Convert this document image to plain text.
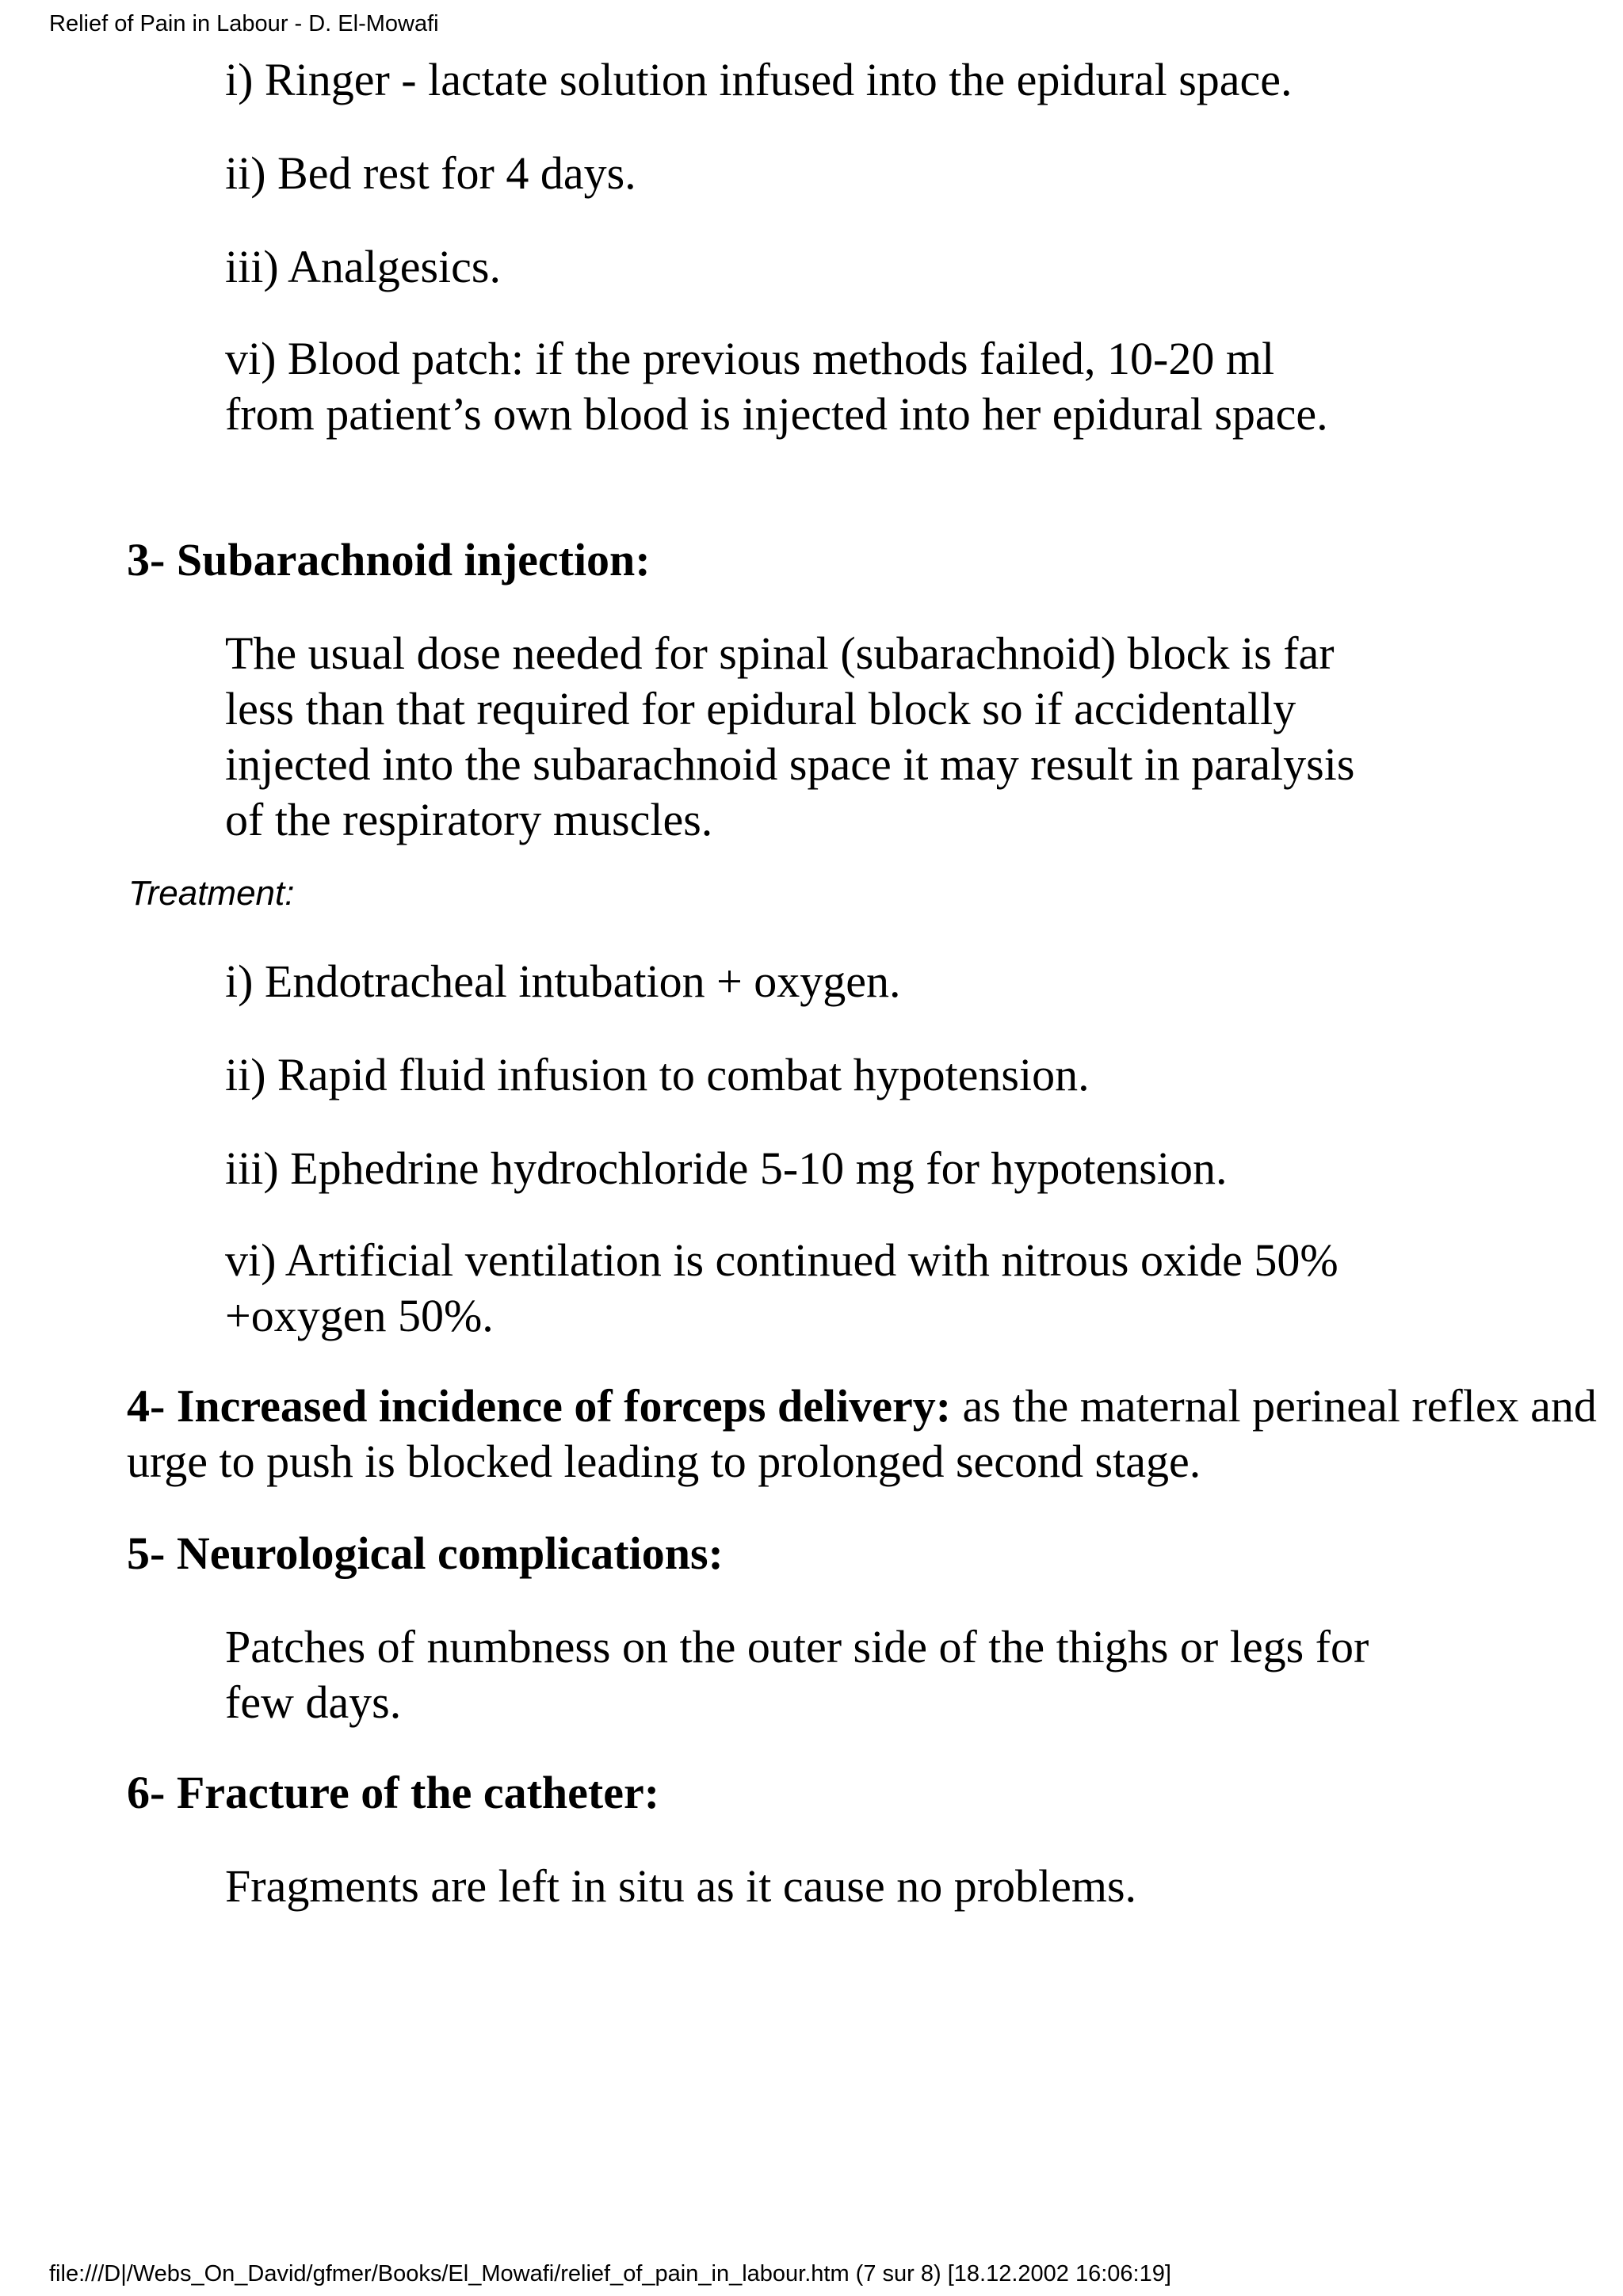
Relief of Pain in Labour - D. El-Mowafi

i) Ringer - lactate solution infused into the epidural space.

ii) Bed rest for 4 days.

iii) Analgesics.

vi) Blood patch: if the previous methods failed, 10-20 ml from patient’s own blood is injected into her epidural space.

3- Subarachnoid injection:

The usual dose needed for spinal (subarachnoid) block is far less than that required for epidural block so if accidentally injected into the subarachnoid space it may result in paralysis of the respiratory muscles.

Treatment:

i) Endotracheal intubation + oxygen.

ii) Rapid fluid infusion to combat hypotension.

iii) Ephedrine hydrochloride 5-10 mg for hypotension.

vi) Artificial ventilation is continued with nitrous oxide 50% +oxygen 50%.

4- Increased incidence of forceps delivery: as the maternal perineal reflex and urge to push is blocked leading to prolonged second stage.

5- Neurological complications:

Patches of numbness on the outer side of the thighs or legs for few days.

6- Fracture of the catheter:

Fragments are left in situ as it cause no problems.

file:///D|/Webs_On_David/gfmer/Books/El_Mowafi/relief_of_pain_in_labour.htm (7 sur 8) [18.12.2002 16:06:19]
